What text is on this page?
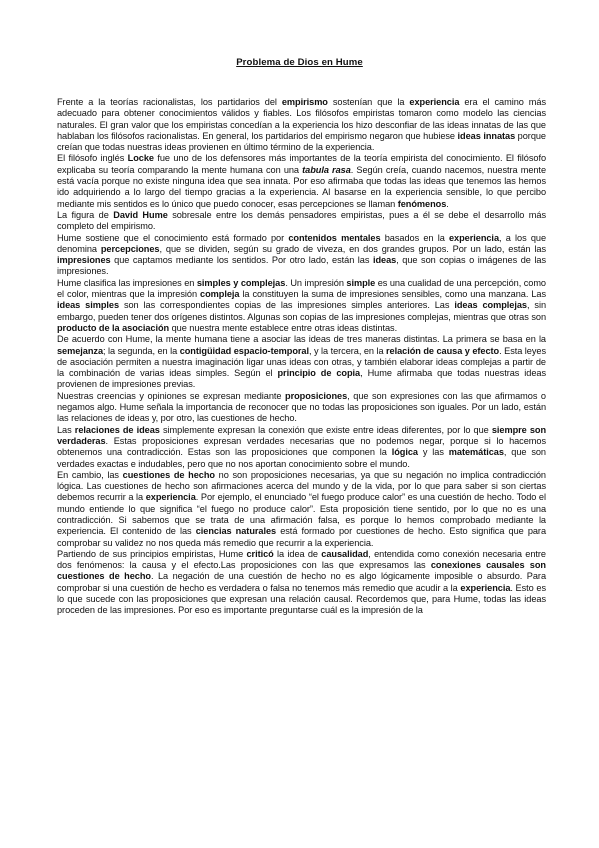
Problema de Dios en Hume

Frente a la teorías racionalistas, los partidarios del empirismo sostenían que la experiencia era el camino más adecuado para obtener conocimientos válidos y fiables. Los filósofos empiristas tomaron como modelo las ciencias naturales. El gran valor que los empiristas concedían a la experiencia los hizo desconfiar de las ideas innatas de las que hablaban los filósofos racionalistas. En general, los partidarios del empirismo negaron que hubiese ideas innatas porque creían que todas nuestras ideas provienen en último término de la experiencia.

El filósofo inglés Locke fue uno de los defensores más importantes de la teoría empirista del conocimiento. El filósofo explicaba su teoría comparando la mente humana con una tabula rasa. Según creía, cuando nacemos, nuestra mente está vacía porque no existe ninguna idea que sea innata. Por eso afirmaba que todas las ideas que tenemos las hemos ido adquiriendo a lo largo del tiempo gracias a la experiencia. Al basarse en la experiencia sensible, lo que percibo mediante mis sentidos es lo único que puedo conocer, esas percepciones se llaman fenómenos.

La figura de David Hume sobresale entre los demás pensadores empiristas, pues a él se debe el desarrollo más completo del empirismo.

Hume sostiene que el conocimiento está formado por contenidos mentales basados en la experiencia, a los que denomina percepciones, que se dividen, según su grado de viveza, en dos grandes grupos. Por un lado, están las impresiones que captamos mediante los sentidos. Por otro lado, están las ideas, que son copias o imágenes de las impresiones.

Hume clasifica las impresiones en simples y complejas. Un impresión simple es una cualidad de una percepción, como el color, mientras que la impresión compleja la constituyen la suma de impresiones sensibles, como una manzana. Las ideas simples son las correspondientes copias de las impresiones simples anteriores. Las ideas complejas, sin embargo, pueden tener dos orígenes distintos. Algunas son copias de las impresiones complejas, mientras que otras son producto de la asociación que nuestra mente establece entre otras ideas distintas.

De acuerdo con Hume, la mente humana tiene a asociar las ideas de tres maneras distintas. La primera se basa en la semejanza; la segunda, en la contigüidad espacio-temporal, y la tercera, en la relación de causa y efecto. Esta leyes de asociación permiten a nuestra imaginación ligar unas ideas con otras, y también elaborar ideas complejas a partir de la combinación de varias ideas simples. Según el principio de copia, Hume afirmaba que todas nuestras ideas provienen de impresiones previas.

Nuestras creencias y opiniones se expresan mediante proposiciones, que son expresiones con las que afirmamos o negamos algo. Hume señala la importancia de reconocer que no todas las proposiciones son iguales. Por un lado, están las relaciones de ideas y, por otro, las cuestiones de hecho.

Las relaciones de ideas simplemente expresan la conexión que existe entre ideas diferentes, por lo que siempre son verdaderas. Estas proposiciones expresan verdades necesarias que no podemos negar, porque si lo hacemos obtenemos una contradicción. Estas son las proposiciones que componen la lógica y las matemáticas, que son verdades exactas e indudables, pero que no nos aportan conocimiento sobre el mundo.

En cambio, las cuestiones de hecho no son proposiciones necesarias, ya que su negación no implica contradicción lógica. Las cuestiones de hecho son afirmaciones acerca del mundo y de la vida, por lo que para saber si son ciertas debemos recurrir a la experiencia. Por ejemplo, el enunciado “el fuego produce calor” es una cuestión de hecho. Todo el mundo entiende lo que significa “el fuego no produce calor”. Esta proposición tiene sentido, por lo que no es una contradicción. Si sabemos que se trata de una afirmación falsa, es porque lo hemos comprobado mediante la experiencia. El contenido de las ciencias naturales está formado por cuestiones de hecho. Esto significa que para comprobar su validez no nos queda más remedio que recurrir a la experiencia.

Partiendo de sus principios empiristas, Hume criticó la idea de causalidad, entendida como conexión necesaria entre dos fenómenos: la causa y el efecto.Las proposiciones con las que expresamos las conexiones causales son cuestiones de hecho. La negación de una cuestión de hecho no es algo lógicamente imposible o absurdo. Para comprobar si una cuestión de hecho es verdadera o falsa no tenemos más remedio que acudir a la experiencia. Esto es lo que sucede con las proposiciones que expresan una relación causal. Recordemos que, para Hume, todas las ideas proceden de las impresiones. Por eso es importante preguntarse cuál es la impresión de la
